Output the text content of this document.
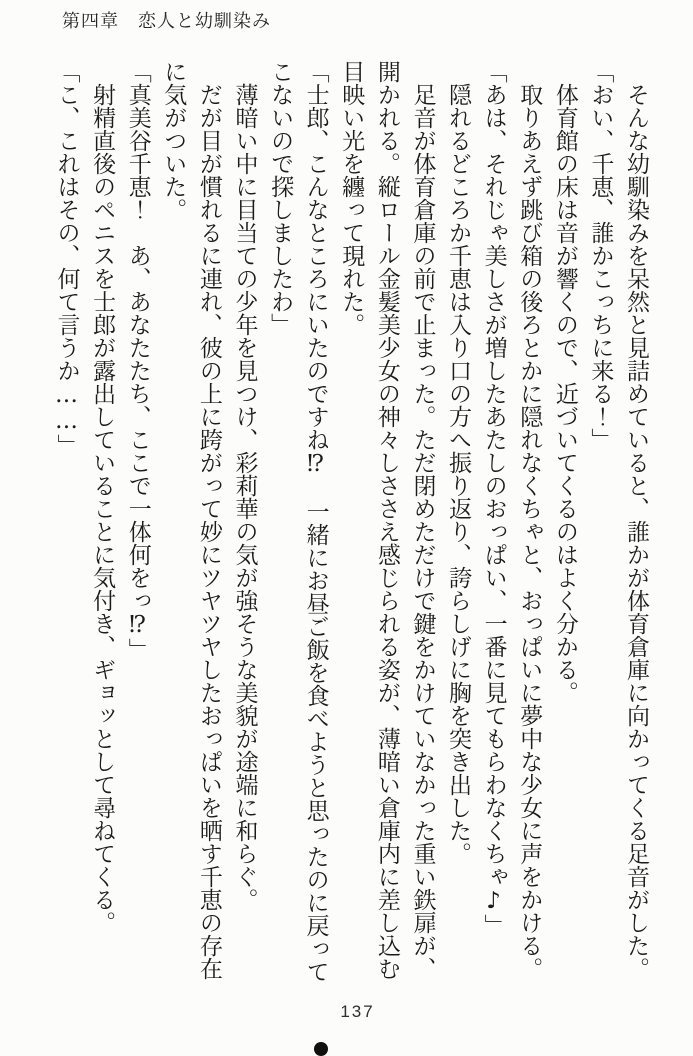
第四章　恋人と幼馴染み
そんな幼馴染みを呆然と見詰めていると、誰かが体育倉庫に向かってくる足音がした。
「おい、千恵、誰かこっちに来る！」
体育館の床は音が響くので、近づいてくるのはよく分かる。
取りあえず跳び箱の後ろとかに隠れなくちゃと、おっぱいに夢中な少女に声をかける。
「あは、それじゃ美しさが増したあたしのおっぱい、一番に見てもらわなくちゃ♪」
隠れるどころか千恵は入り口の方へ振り返り、誇らしげに胸を突き出した。
足音が体育倉庫の前で止まった。ただ閉めただけで鍵をかけていなかった重い鉄扉が、
開かれる。縦ロール金髪美少女の神々しささえ感じられる姿が、薄暗い倉庫内に差し込む
目映い光を纏って現れた。
「士郎、こんなところにいたのですね⁉　一緒にお昼ご飯を食べようと思ったのに戻って
こないので探しましたわ」
薄暗い中に目当ての少年を見つけ、彩莉華の気が強そうな美貌が途端に和らぐ。
だが目が慣れるに連れ、彼の上に跨がって妙にツヤツヤしたおっぱいを晒す千恵の存在
に気がついた。
「真美谷千恵！　あ、あなたたち、ここで一体何をっ⁉」
射精直後のペニスを士郎が露出していることに気付き、ギョッとして尋ねてくる。
「こ、これはその、何て言うか……」
137
